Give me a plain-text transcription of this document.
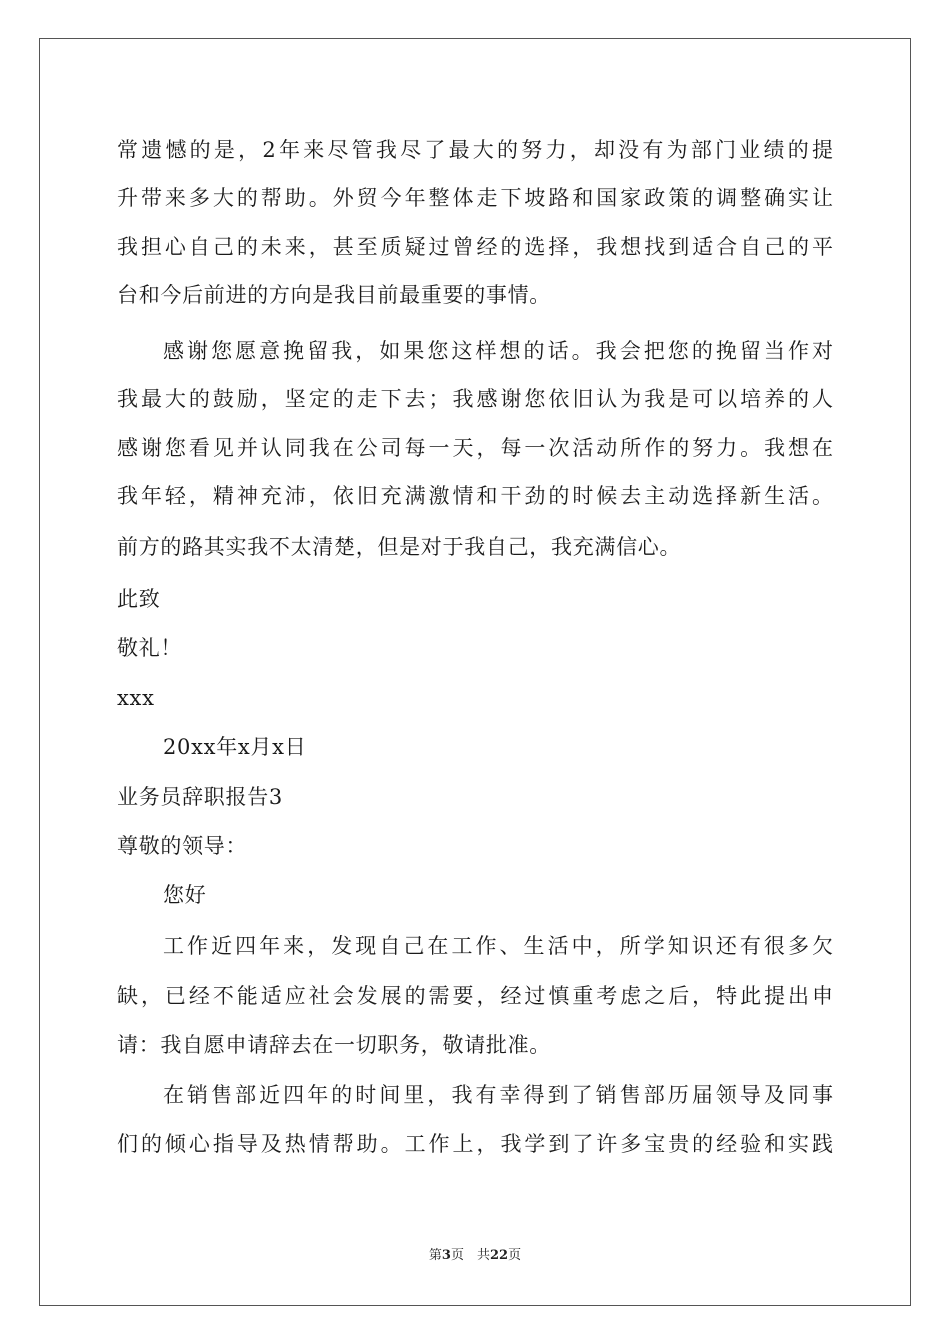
常遗憾的是，2年来尽管我尽了最大的努力，却没有为部门业绩的提
升带来多大的帮助。外贸今年整体走下坡路和国家政策的调整确实让
我担心自己的未来，甚至质疑过曾经的选择，我想找到适合自己的平
台和今后前进的方向是我目前最重要的事情。
感谢您愿意挽留我，如果您这样想的话。我会把您的挽留当作对
我最大的鼓励，坚定的走下去；我感谢您依旧认为我是可以培养的人
感谢您看见并认同我在公司每一天，每一次活动所作的努力。我想在
我年轻，精神充沛，依旧充满激情和干劲的时候去主动选择新生活。
前方的路其实我不太清楚，但是对于我自己，我充满信心。
此致
敬礼！
xxx
20xx年x月x日
业务员辞职报告3
尊敬的领导：
您好
工作近四年来，发现自己在工作、生活中，所学知识还有很多欠
缺，已经不能适应社会发展的需要，经过慎重考虑之后，特此提出申
请：我自愿申请辞去在一切职务，敬请批准。
在销售部近四年的时间里，我有幸得到了销售部历届领导及同事
们的倾心指导及热情帮助。工作上，我学到了许多宝贵的经验和实践
第3页　共22页
